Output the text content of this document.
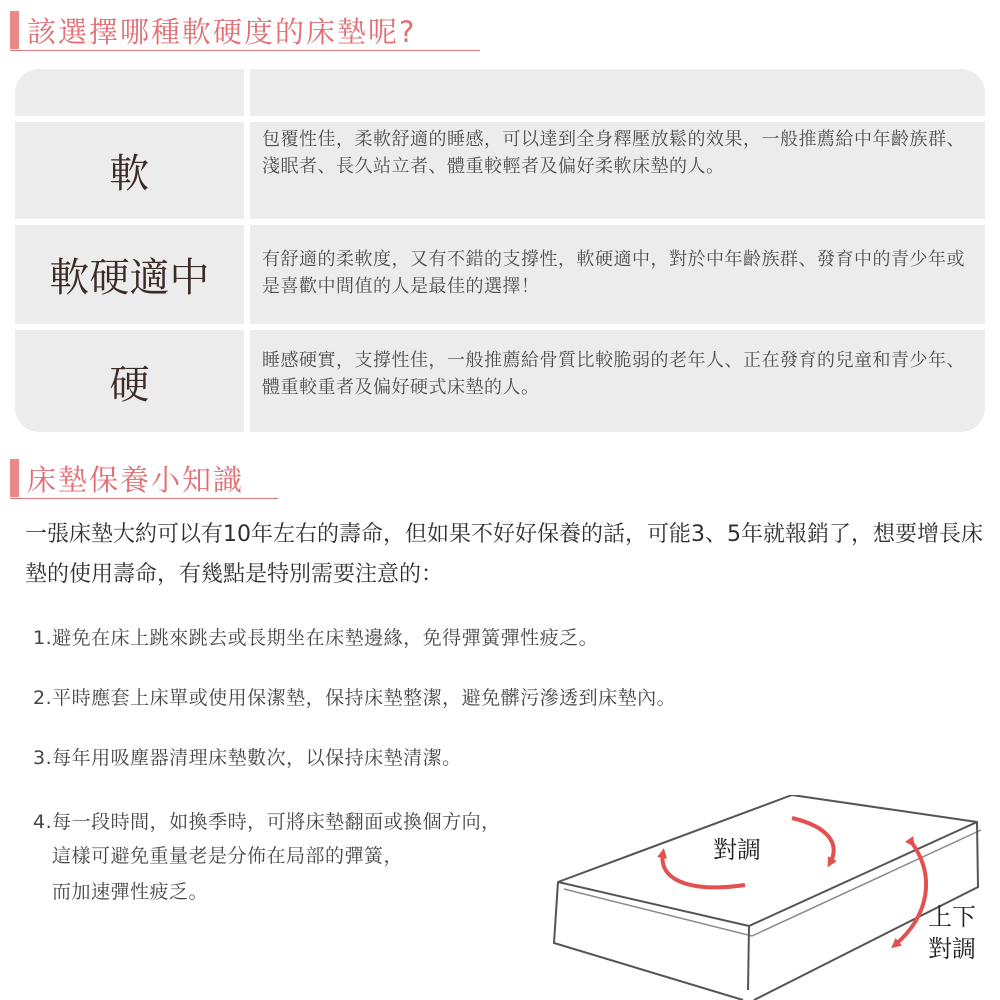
該選擇哪種軟硬度的床墊呢?
軟
包覆性佳，柔軟舒適的睡感，可以達到全身釋壓放鬆的效果，一般推薦給中年齡族群、淺眠者、長久站立者、體重較輕者及偏好柔軟床墊的人。
軟硬適中	有舒適的柔軟度，又有不錯的支撐性，軟硬適中，對於中年齡族群、發育中的青少年或是喜歡中間值的人是最佳的選擇！
硬
睡感硬實，支撐性佳，一般推薦給骨質比較脆弱的老年人、正在發育的兒童和青少年、體重較重者及偏好硬式床墊的人。
床墊保養小知識
一張床墊大約可以有10年左右的壽命，但如果不好好保養的話，可能3、5年就報銷了，想要增長床墊的使用壽命，有幾點是特別需要注意的：
1.避免在床上跳來跳去或長期坐在床墊邊緣，免得彈簧彈性疲乏。
2.平時應套上床單或使用保潔墊，保持床墊整潔，避免髒污滲透到床墊內。
3.每年用吸塵器清理床墊數次，以保持床墊清潔。
4.每一段時間，如換季時，可將床墊翻面或換個方向，
這樣可避免重量老是分佈在局部的彈簧，
而加速彈性疲乏。
對調
上下
對調
